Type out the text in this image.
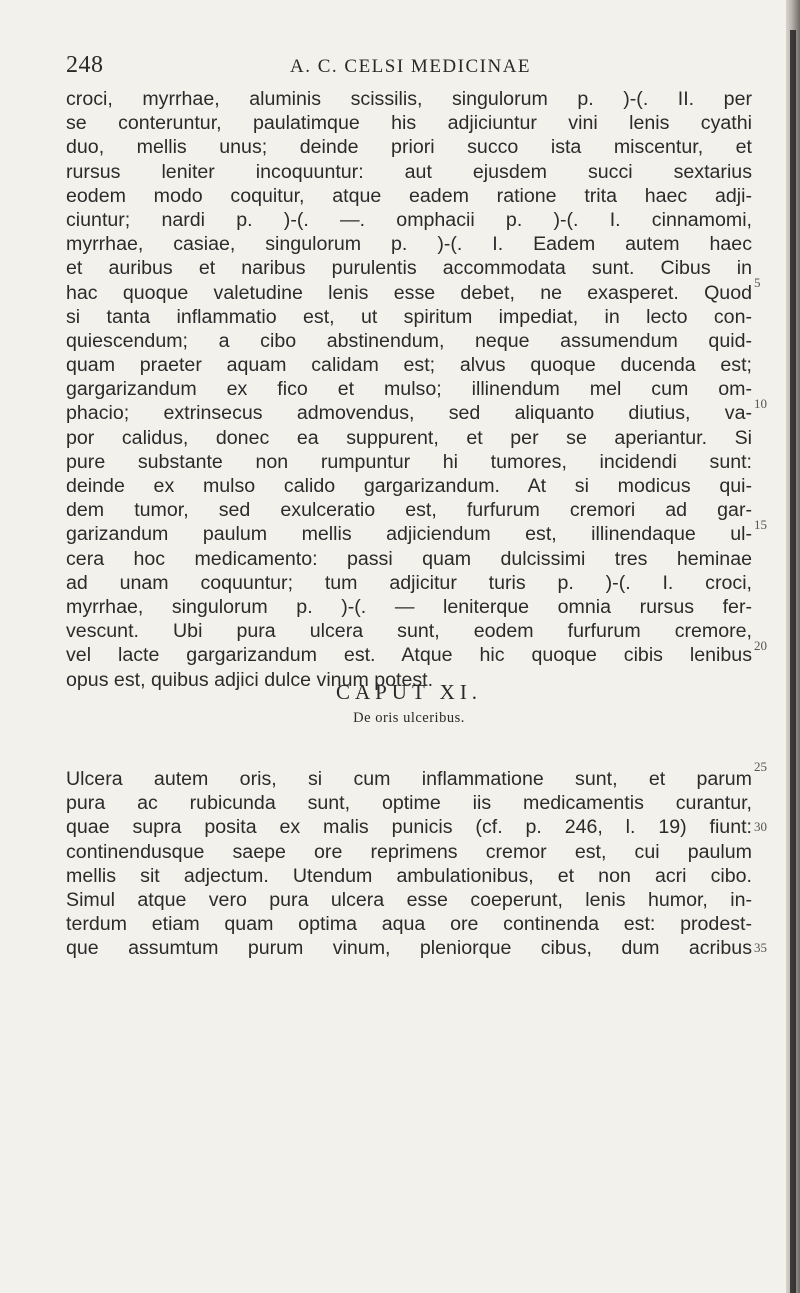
248	A. C. CELSI MEDICINAE
croci, myrrhae, aluminis scissilis, singulorum p. )-(. II. per
se conteruntur, paulatimque his adjiciuntur vini lenis cyathi
duo, mellis unus; deinde priori succo ista miscentur, et
rursus leniter incoquuntur: aut ejusdem succi sextarius
eodem modo coquitur, atque eadem ratione trita haec adji-
ciuntur; nardi p. )-(. —. omphacii p. )-(. I. cinnamomi,
myrrhae, casiae, singulorum p. )-(. I. Eadem autem haec
et auribus et naribus purulentis accommodata sunt. Cibus in
hac quoque valetudine lenis esse debet, ne exasperet. Quod
si tanta inflammatio est, ut spiritum impediat, in lecto con-
quiescendum; a cibo abstinendum, neque assumendum quid-
quam praeter aquam calidam est; alvus quoque ducenda est;
gargarizandum ex fico et mulso; illinendum mel cum om-
phacio; extrinsecus admovendus, sed aliquanto diutius, va-
por calidus, donec ea suppurent, et per se aperiantur. Si
pure substante non rumpuntur hi tumores, incidendi sunt:
deinde ex mulso calido gargarizandum. At si modicus qui-
dem tumor, sed exulceratio est, furfurum cremori ad gar-
garizandum paulum mellis adjiciendum est, illinendaque ul-
cera hoc medicamento: passi quam dulcissimi tres heminae
ad unam coquuntur; tum adjicitur turis p. )-(. I. croci,
myrrhae, singulorum p. )-(. — leniterque omnia rursus fer-
vescunt. Ubi pura ulcera sunt, eodem furfurum cremore,
vel lacte gargarizandum est. Atque hic quoque cibis lenibus
opus est, quibus adjici dulce vinum potest.
5
10
15
20
25
CAPUT XI.
De oris ulceribus.
Ulcera autem oris, si cum inflammatione sunt, et parum
pura ac rubicunda sunt, optime iis medicamentis curantur,
quae supra posita ex malis punicis (cf. p. 246, l. 19) fiunt:
continendusque saepe ore reprimens cremor est, cui paulum
mellis sit adjectum. Utendum ambulationibus, et non acri cibo.
Simul atque vero pura ulcera esse coeperunt, lenis humor, in-
terdum etiam quam optima aqua ore continenda est: prodest-
que assumtum purum vinum, pleniorque cibus, dum acribus
30
35
